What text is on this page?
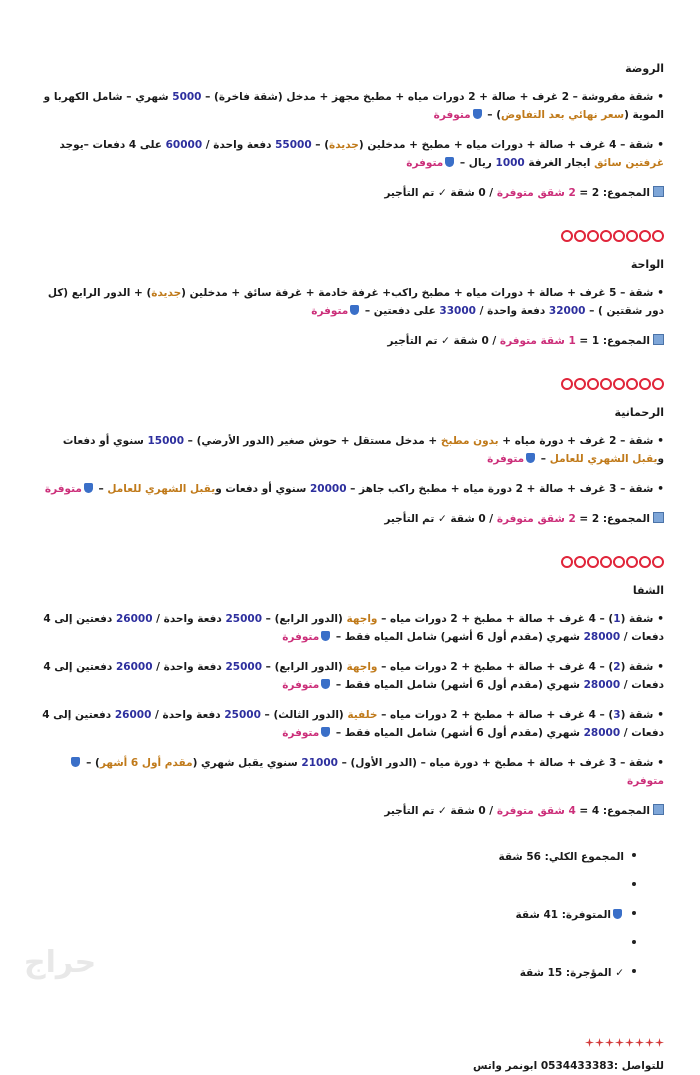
الروضة
•شقة مفروشة – 2 غرف + صالة + 2 دورات مياه + مطبخ مجهز + مدخل (شقة فاخرة) – 5000 شهري – شامل الكهربا و الموية (سعر نهائي بعد التفاوض) – متوفرة
•شقة – 4 غرف + صالة + دورات مياه + مطبخ + مدخلين (جديدة) – 55000 دفعة واحدة / 60000 على 4 دفعات –يوجد غرفتين سائق ايجار الغرفة 1000 ريال – متوفرة
المجموع: 2 = 2 شقق متوفرة / 0 شقة ✓ تم التأجير
الواحة
•شقة – 5 غرف + صالة + دورات مياه + مطبخ راكب+ غرفة خادمة + غرفة سائق + مدخلين (جديدة) + الدور الرابع (كل دور شقتين ) – 32000 دفعة واحدة / 33000 على دفعتين – متوفرة
المجموع: 1 = 1 شقة متوفرة / 0 شقة ✓ تم التأجير
الرحمانية
•شقة – 2 غرف + دورة مياه + بدون مطبخ + مدخل مستقل + حوش صغير (الدور الأرضي) – 15000 سنوي أو دفعات ويقبل الشهري للعامل – متوفرة
•شقة – 3 غرف + صالة + 2 دورة مياه + مطبخ راكب جاهز – 20000 سنوي أو دفعات ويقبل الشهري للعامل – متوفرة
المجموع: 2 = 2 شقق متوفرة / 0 شقة ✓ تم التأجير
الشفا
•شقة (1) – 4 غرف + صالة + مطبخ + 2 دورات مياه – واجهة (الدور الرابع) – 25000 دفعة واحدة / 26000 دفعتين إلى 4 دفعات / 28000 شهري (مقدم أول 6 أشهر) شامل المياه فقط – متوفرة
•شقة (2) – 4 غرف + صالة + مطبخ + 2 دورات مياه – واجهة (الدور الرابع) – 25000 دفعة واحدة / 26000 دفعتين إلى 4 دفعات / 28000 شهري (مقدم أول 6 أشهر) شامل المياه فقط – متوفرة
•شقة (3) – 4 غرف + صالة + مطبخ + 2 دورات مياه – خلفية (الدور الثالث) – 25000 دفعة واحدة / 26000 دفعتين إلى 4 دفعات / 28000 شهري (مقدم أول 6 أشهر) شامل المياه فقط – متوفرة
•شقة – 3 غرف + صالة + مطبخ + دورة مياه – (الدور الأول) – 21000 سنوي يقبل شهري (مقدم أول 6 أشهر) – متوفرة
المجموع: 4 = 4 شقق متوفرة / 0 شقة ✓ تم التأجير
المجموع الكلي: 56 شقة
المتوفرة: 41 شقة
✓ المؤجرة: 15 شقة
للتواصل :0534433383 ابونمر واتس
حراج
